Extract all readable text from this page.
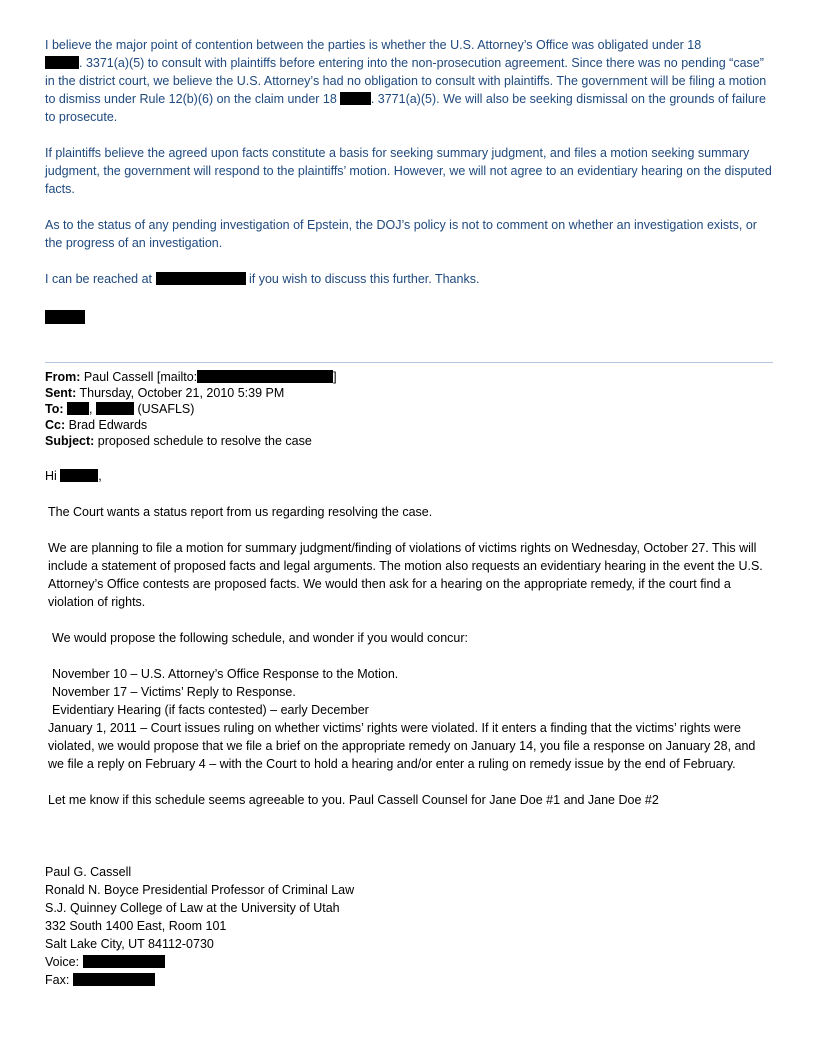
I believe the major point of contention between the parties is whether the U.S. Attorney’s Office was obligated under 18
. 3371(a)(5) to consult with plaintiffs before entering into the non-prosecution agreement. Since there was no pending “case” in the district court, we believe the U.S. Attorney’s had no obligation to consult with plaintiffs. The government will be filing a motion to dismiss under Rule 12(b)(6) on the claim under 18	. 3771(a)(5). We will also be seeking dismissal on the grounds of failure to prosecute.

If plaintiffs believe the agreed upon facts constitute a basis for seeking summary judgment, and files a motion seeking summary judgment, the government will respond to the plaintiffs’ motion. However, we will not agree to an evidentiary hearing on the disputed facts.

As to the status of any pending investigation of Epstein, the DOJ’s policy is not to comment on whether an investigation exists, or the progress of an investigation.

I can be reached at	if you wish to discuss this further. Thanks.

From: Paul Cassell [mailto:	]

Sent: Thursday, October 21, 2010 5:39 PM

To: ,	(USAFLS)

Cc: Brad Edwards

Subject: proposed schedule to resolve the case

Hi	,

The Court wants a status report from us regarding resolving the case.

We are planning to file a motion for summary judgment/finding of violations of victims rights on Wednesday, October 27. This will include a statement of proposed facts and legal arguments. The motion also requests an evidentiary hearing in the event the U.S. Attorney’s Office contests are proposed facts. We would then ask for a hearing on the appropriate remedy, if the court find a violation of rights.

We would propose the following schedule, and wonder if you would concur:

November 10 – U.S. Attorney’s Office Response to the Motion.

November 17 – Victims’ Reply to Response.

Evidentiary Hearing (if facts contested) – early December

January 1, 2011 – Court issues ruling on whether victims’ rights were violated. If it enters a finding that the victims’ rights were violated, we would propose that we file a brief on the appropriate remedy on January 14, you file a response on January 28, and we file a reply on February 4 – with the Court to hold a hearing and/or enter a ruling on remedy issue by the end of February.

Let me know if this schedule seems agreeable to you. Paul Cassell Counsel for Jane Doe #1 and Jane Doe #2

Paul G. Cassell

Ronald N. Boyce Presidential Professor of Criminal Law

S.J. Quinney College of Law at the University of Utah

332 South 1400 East, Room 101

Salt Lake City, UT 84112-0730

Voice:

Fax:
